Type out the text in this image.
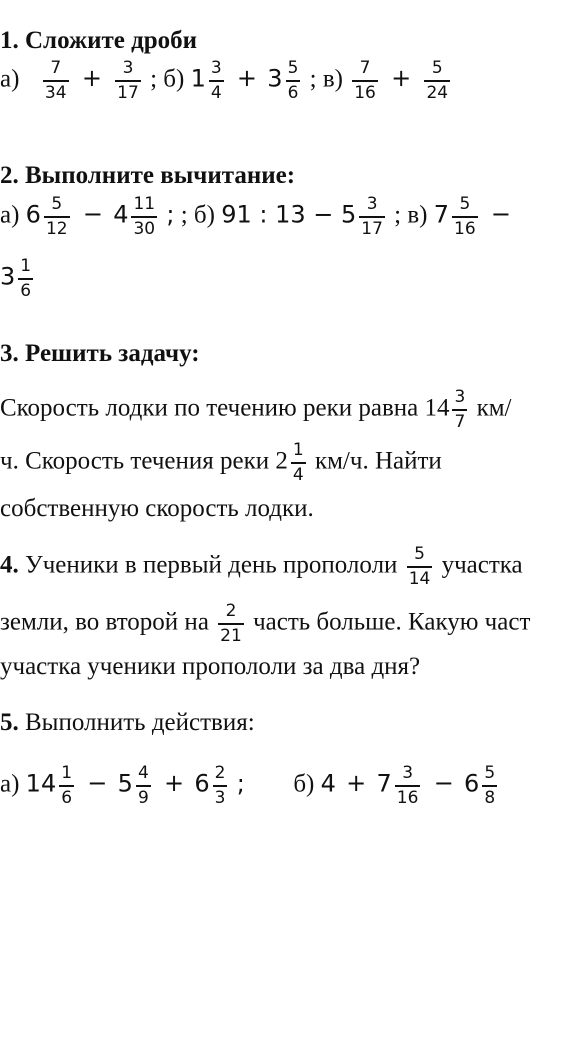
1. Сложите дроби
$а) \frac{7}{34} + \frac{3}{17}$ ; б) $1 \frac{3}{4} + 3 \frac{5}{6}$ ; $в) \frac{7}{16} + \frac{5}{24}$
2. Выполните вычитание:
а) $6 \frac{5}{12} - 4 \frac{11}{30}$ ; ; б) 91 : $13 - 5 \frac{3}{17}$ ; в) $7 \frac{5}{16}$ −
$3 \frac{1}{6}$
3. Решить задачу:
Скорость лодки по течению реки равна $14 \frac{3}{7} км/$
ч. Скорость течения реки $2 \frac{1}{4} км/ч$. Найти
собственную скорость лодки.
4. Ученики в первый день пропололи $\frac{5}{14}$ участка
земли, во второй на $\frac{2}{21}$ часть больше. Какую част
участка ученики пропололи за два дня?
5. Выполнить действия:
а) $14 \frac{1}{6} - 5 \frac{4}{9} + 6 \frac{2}{3}$ ; б) $4 + 7 \frac{3}{16} - 6 \frac{5}{8}$
